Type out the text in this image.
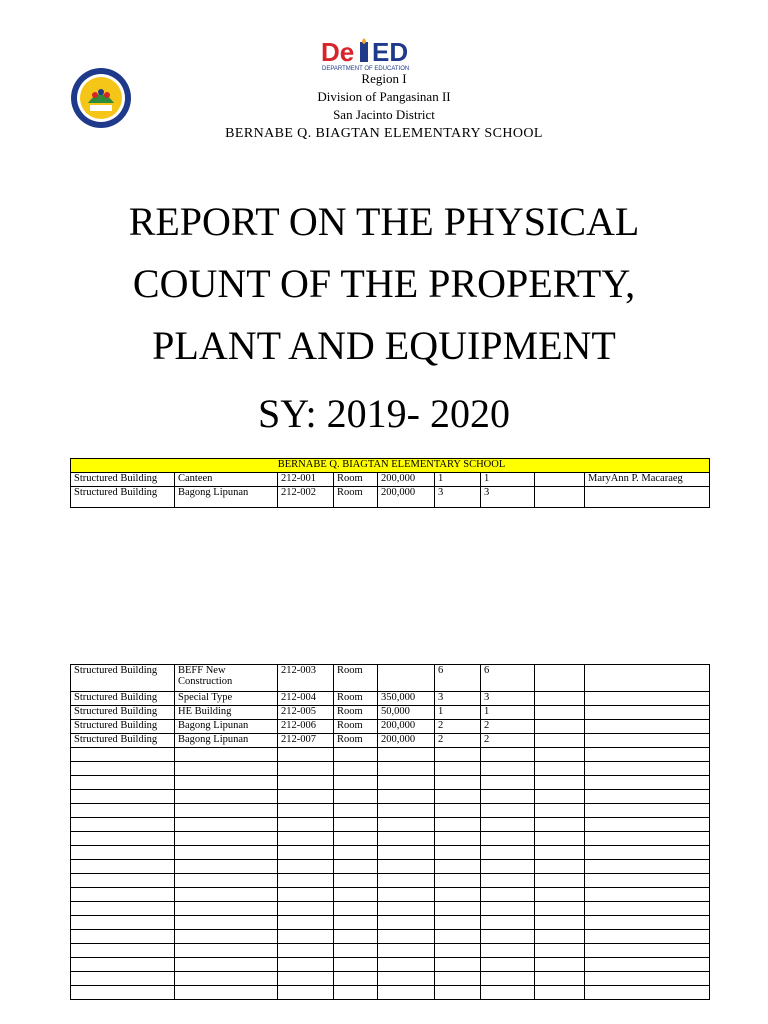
De ED
DEPARTMENT OF EDUCATION
Region I
Division of Pangasinan II
San Jacinto District
BERNABE Q. BIAGTAN ELEMENTARY SCHOOL
REPORT ON THE PHYSICAL
COUNT OF THE PROPERTY,
PLANT AND EQUIPMENT
SY: 2019- 2020
BERNABE Q. BIAGTAN ELEMENTARY SCHOOL								
Structured Building	Canteen	212-001	Room	200,000	1	1		MaryAnn P. Macaraeg
Structured Building	Bagong Lipunan	212-002	Room	200,000	3	3		
Structured Building	BEFF New Construction	212-003	Room		6	6		
Structured Building	Special Type	212-004	Room	350,000	3	3		
Structured Building	HE Building	212-005	Room	50,000	1	1		
Structured Building	Bagong Lipunan	212-006	Room	200,000	2	2		
Structured Building	Bagong Lipunan	212-007	Room	200,000	2	2		
